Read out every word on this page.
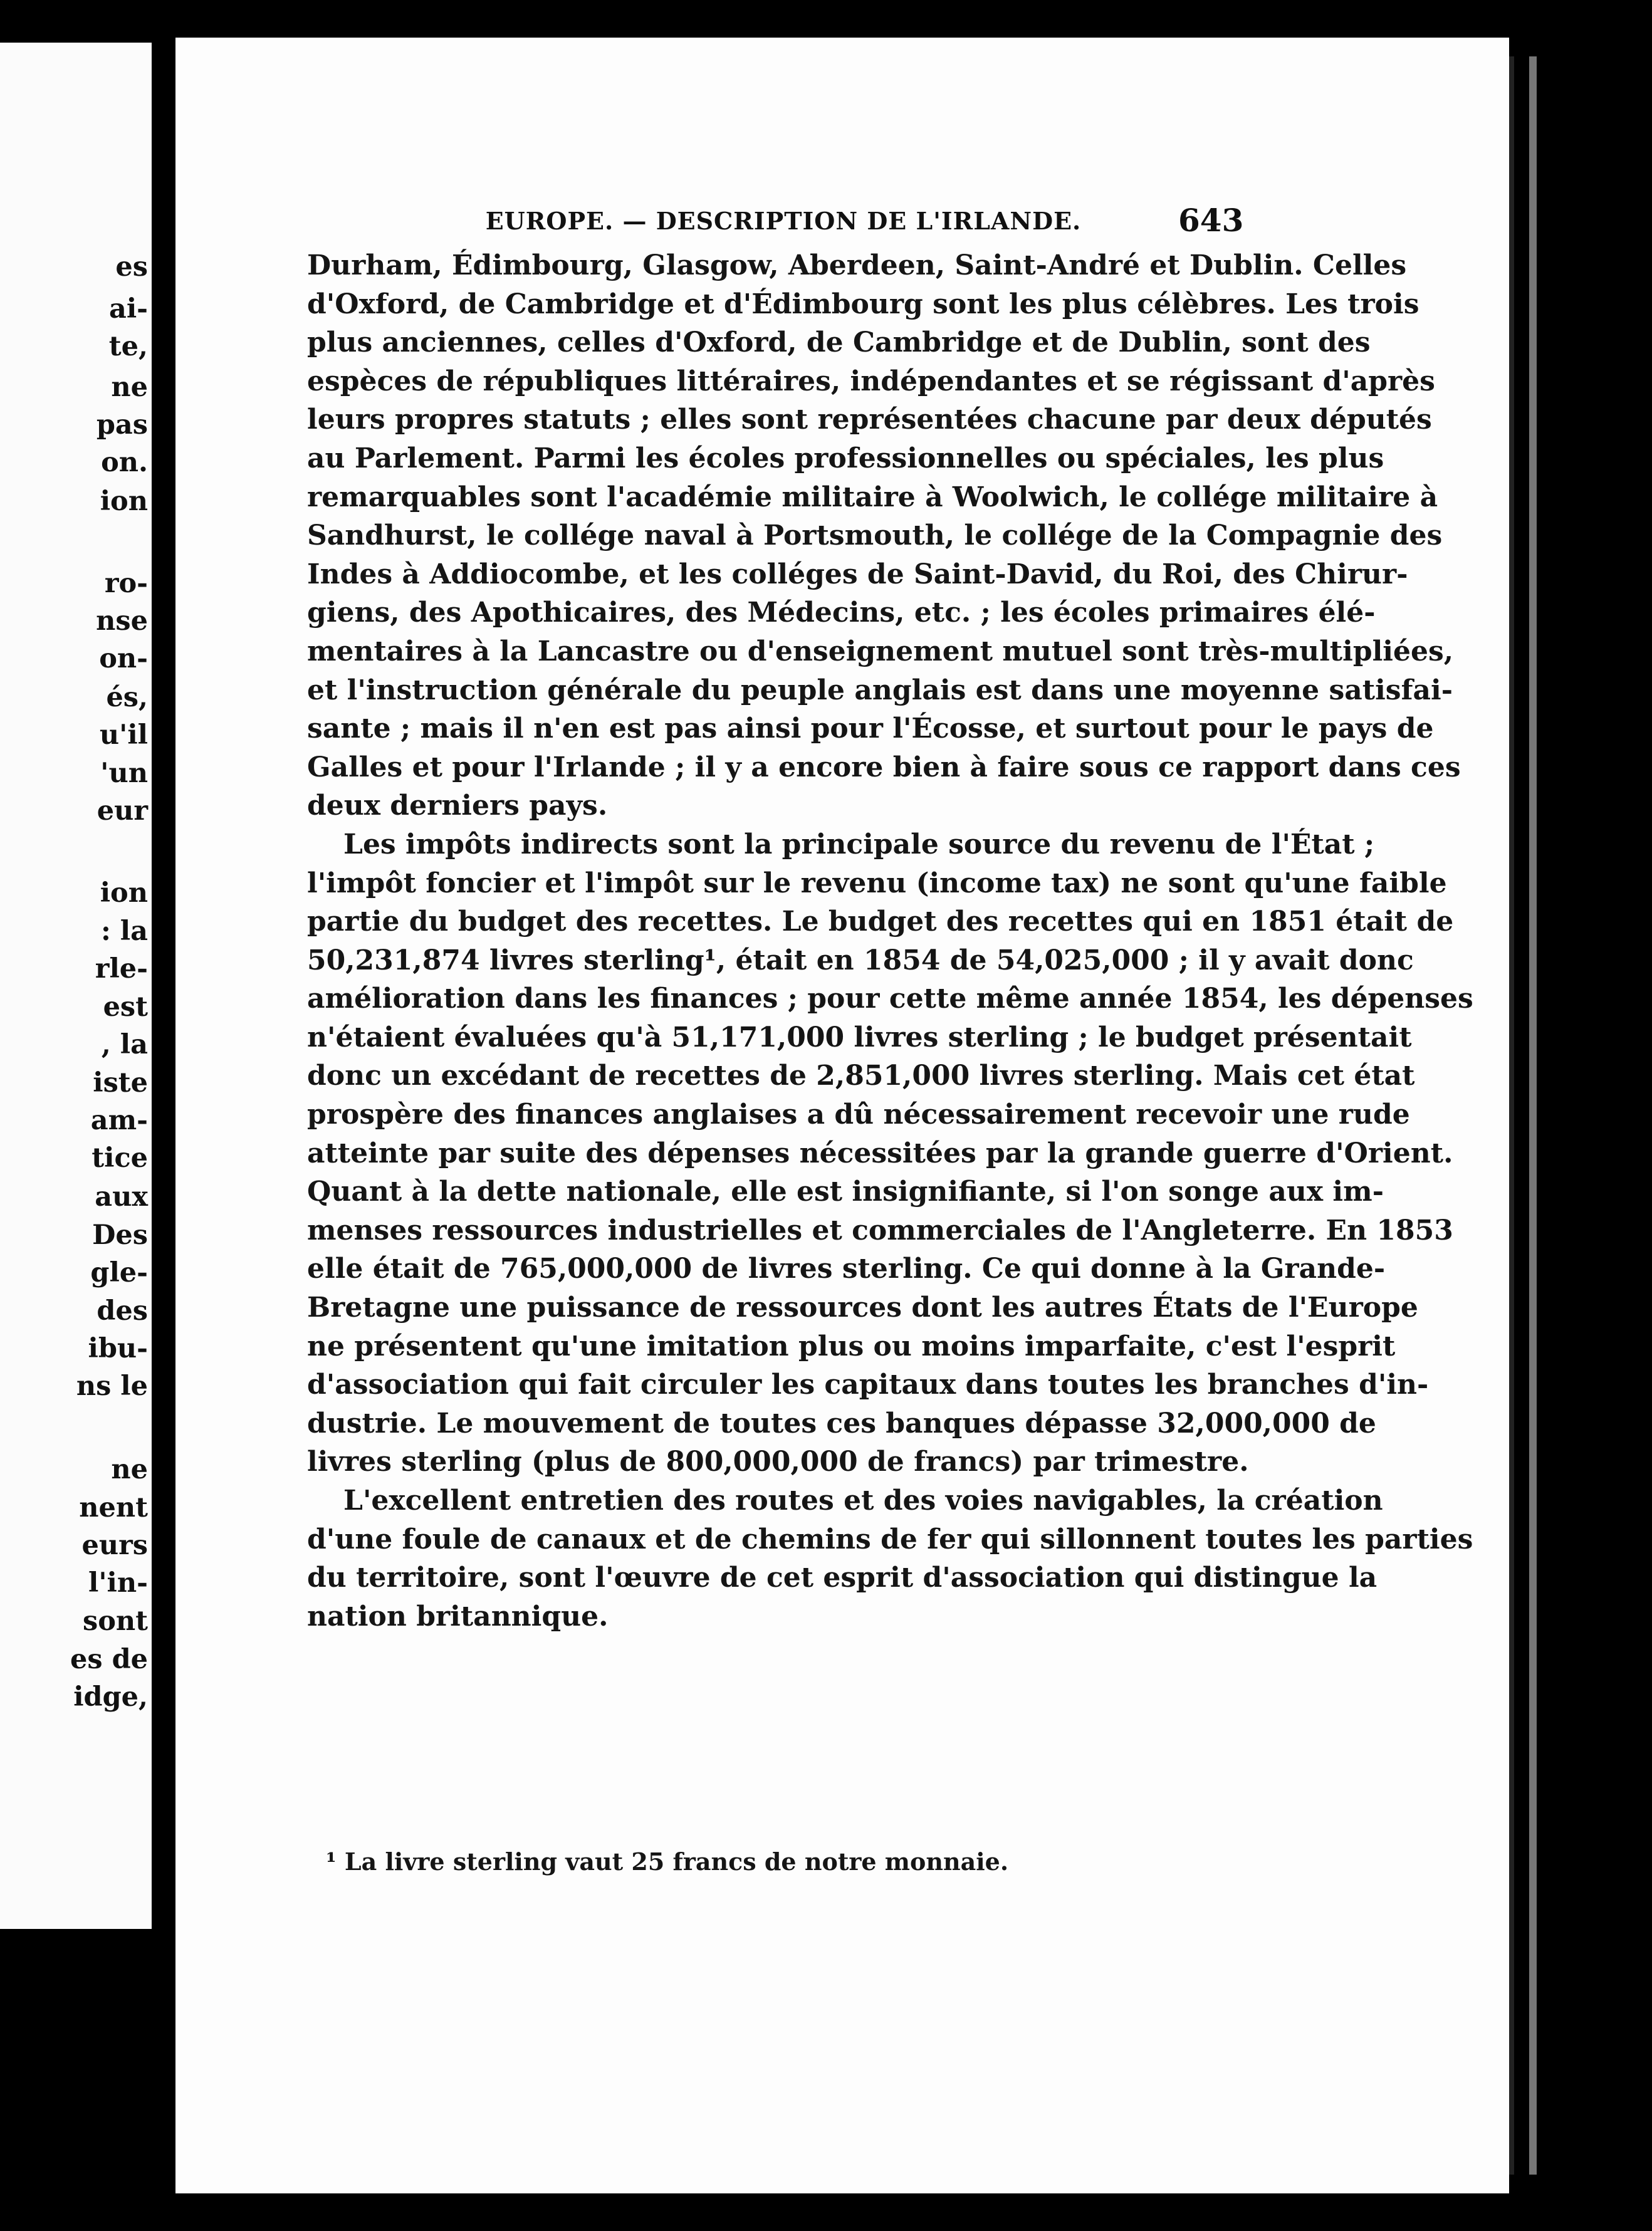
es
ai-
te,
ne
pas
on.
ion
ro-
nse
on-
és,
u'il
'un
eur
ion
: la
rle-
est
, la
iste
am-
tice
aux
Des
gle-
des
ibu-
ns le
ne
nent
eurs
l'in-
sont
es de
idge,
EUROPE. — DESCRIPTION DE L'IRLANDE.	643
Durham, Édimbourg, Glasgow, Aberdeen, Saint-André et Dublin. Celles
d'Oxford, de Cambridge et d'Édimbourg sont les plus célèbres. Les trois
plus anciennes, celles d'Oxford, de Cambridge et de Dublin, sont des
espèces de républiques littéraires, indépendantes et se régissant d'après
leurs propres statuts ; elles sont représentées chacune par deux députés
au Parlement. Parmi les écoles professionnelles ou spéciales, les plus
remarquables sont l'académie militaire à Woolwich, le collége militaire à
Sandhurst, le collége naval à Portsmouth, le collége de la Compagnie des
Indes à Addiocombe, et les colléges de Saint-David, du Roi, des Chirur-
giens, des Apothicaires, des Médecins, etc. ; les écoles primaires élé-
mentaires à la Lancastre ou d'enseignement mutuel sont très-multipliées,
et l'instruction générale du peuple anglais est dans une moyenne satisfai-
sante ; mais il n'en est pas ainsi pour l'Écosse, et surtout pour le pays de
Galles et pour l'Irlande ; il y a encore bien à faire sous ce rapport dans ces
deux derniers pays.
Les impôts indirects sont la principale source du revenu de l'État ;
l'impôt foncier et l'impôt sur le revenu (income tax) ne sont qu'une faible
partie du budget des recettes. Le budget des recettes qui en 1851 était de
50,231,874 livres sterling¹, était en 1854 de 54,025,000 ; il y avait donc
amélioration dans les finances ; pour cette même année 1854, les dépenses
n'étaient évaluées qu'à 51,171,000 livres sterling ; le budget présentait
donc un excédant de recettes de 2,851,000 livres sterling. Mais cet état
prospère des finances anglaises a dû nécessairement recevoir une rude
atteinte par suite des dépenses nécessitées par la grande guerre d'Orient.
Quant à la dette nationale, elle est insignifiante, si l'on songe aux im-
menses ressources industrielles et commerciales de l'Angleterre. En 1853
elle était de 765,000,000 de livres sterling. Ce qui donne à la Grande-
Bretagne une puissance de ressources dont les autres États de l'Europe
ne présentent qu'une imitation plus ou moins imparfaite, c'est l'esprit
d'association qui fait circuler les capitaux dans toutes les branches d'in-
dustrie. Le mouvement de toutes ces banques dépasse 32,000,000 de
livres sterling (plus de 800,000,000 de francs) par trimestre.
L'excellent entretien des routes et des voies navigables, la création
d'une foule de canaux et de chemins de fer qui sillonnent toutes les parties
du territoire, sont l'œuvre de cet esprit d'association qui distingue la
nation britannique.
¹ La livre sterling vaut 25 francs de notre monnaie.
